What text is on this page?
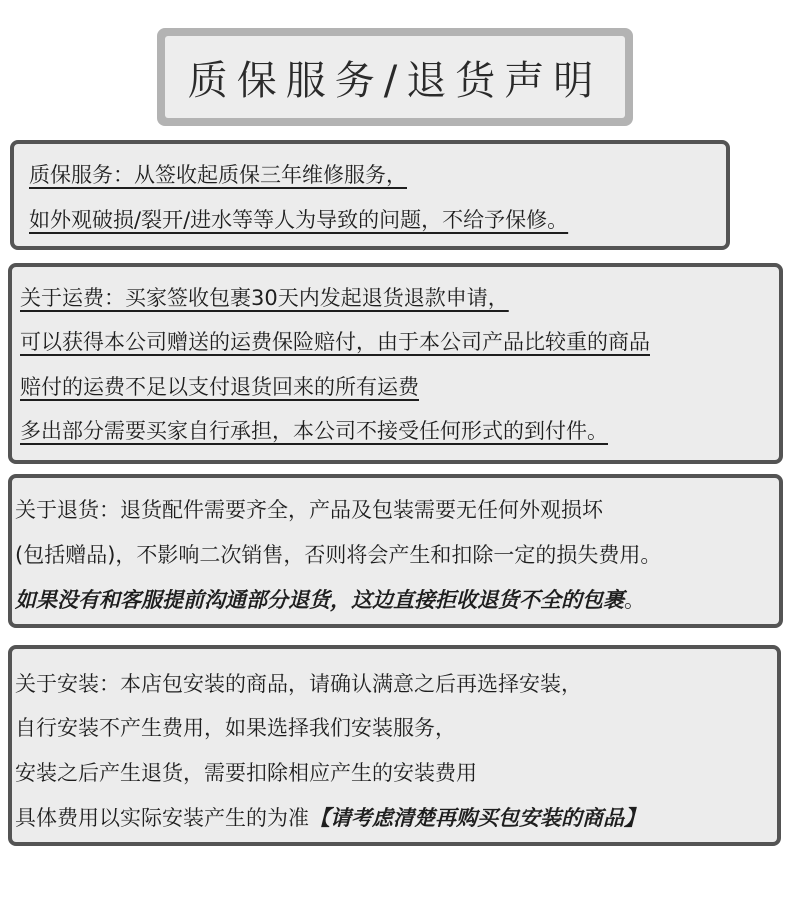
质保服务/退货声明
质保服务：从签收起质保三年维修服务，
如外观破损/裂开/进水等等人为导致的问题，不给予保修。
关于运费：买家签收包裹30天内发起退货退款申请，
可以获得本公司赠送的运费保险赔付，由于本公司产品比较重的商品
赔付的运费不足以支付退货回来的所有运费
多出部分需要买家自行承担，本公司不接受任何形式的到付件。
关于退货：退货配件需要齐全，产品及包装需要无任何外观损坏
(包括赠品)，不影响二次销售，否则将会产生和扣除一定的损失费用。
如果没有和客服提前沟通部分退货，这边直接拒收退货不全的包裹。
关于安装：本店包安装的商品，请确认满意之后再选择安装，
自行安装不产生费用，如果选择我们安装服务，
安装之后产生退货，需要扣除相应产生的安装费用
具体费用以实际安装产生的为准【请考虑清楚再购买包安装的商品】
